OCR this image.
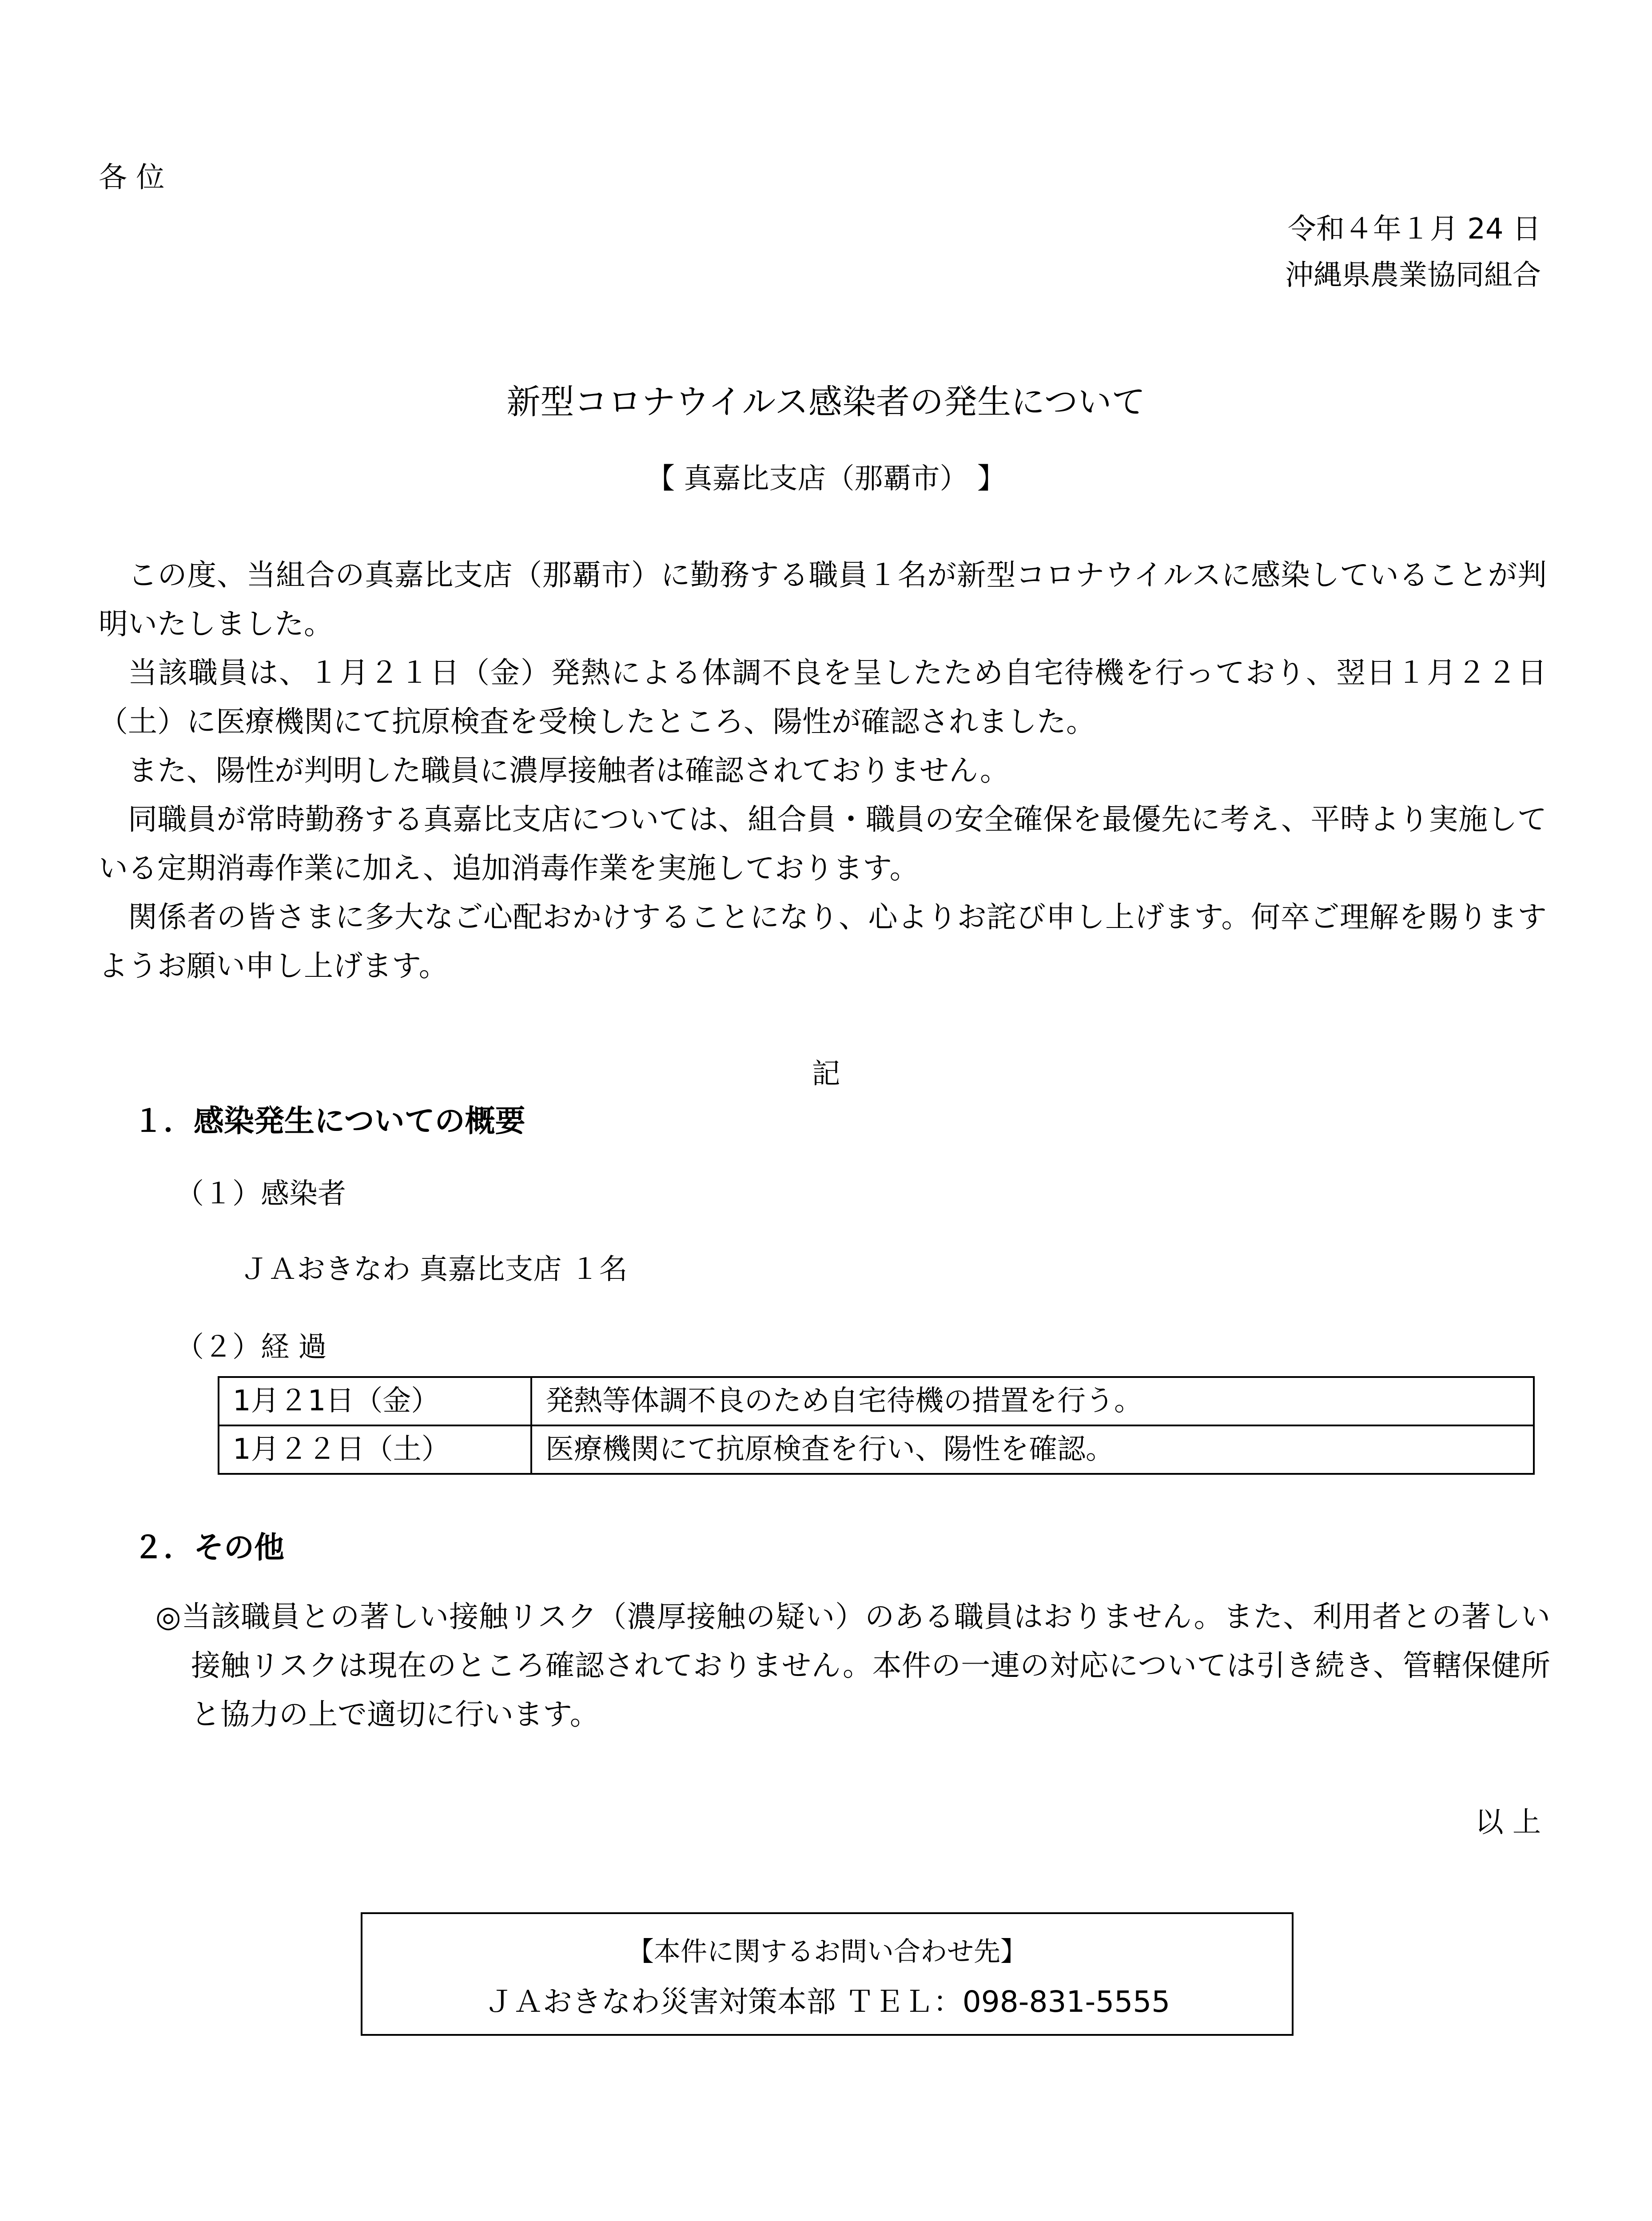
各 位
令和４年１月 24 日
沖縄県農業協同組合
新型コロナウイルス感染者の発生について
【 真嘉比支店（那覇市） 】

この度、当組合の真嘉比支店（那覇市）に勤務する職員１名が新型コロナウイルスに感染していることが判明いたしました。

当該職員は、１月２１日（金）発熱による体調不良を呈したため自宅待機を行っており、翌日１月２２日（土）に医療機関にて抗原検査を受検したところ、陽性が確認されました。

また、陽性が判明した職員に濃厚接触者は確認されておりません。

同職員が常時勤務する真嘉比支店については、組合員・職員の安全確保を最優先に考え、平時より実施している定期消毒作業に加え、追加消毒作業を実施しております。

関係者の皆さまに多大なご心配おかけすることになり、心よりお詫び申し上げます。何卒ご理解を賜りますようお願い申し上げます。

記
１．感染発生についての概要
（１）感染者
ＪＡおきなわ 真嘉比支店 １名
（２）経 過
1月２1日（金）	発熱等体調不良のため自宅待機の措置を行う。
1月２２日（土）	医療機関にて抗原検査を行い、陽性を確認。
２．その他

◎当該職員との著しい接触リスク（濃厚接触の疑い）のある職員はおりません。また、利用者との著しい接触リスクは現在のところ確認されておりません。本件の一連の対応については引き続き、管轄保健所と協力の上で適切に行います。

以 上
【本件に関するお問い合わせ先】
ＪＡおきなわ災害対策本部 ＴＥＬ：098-831-5555
